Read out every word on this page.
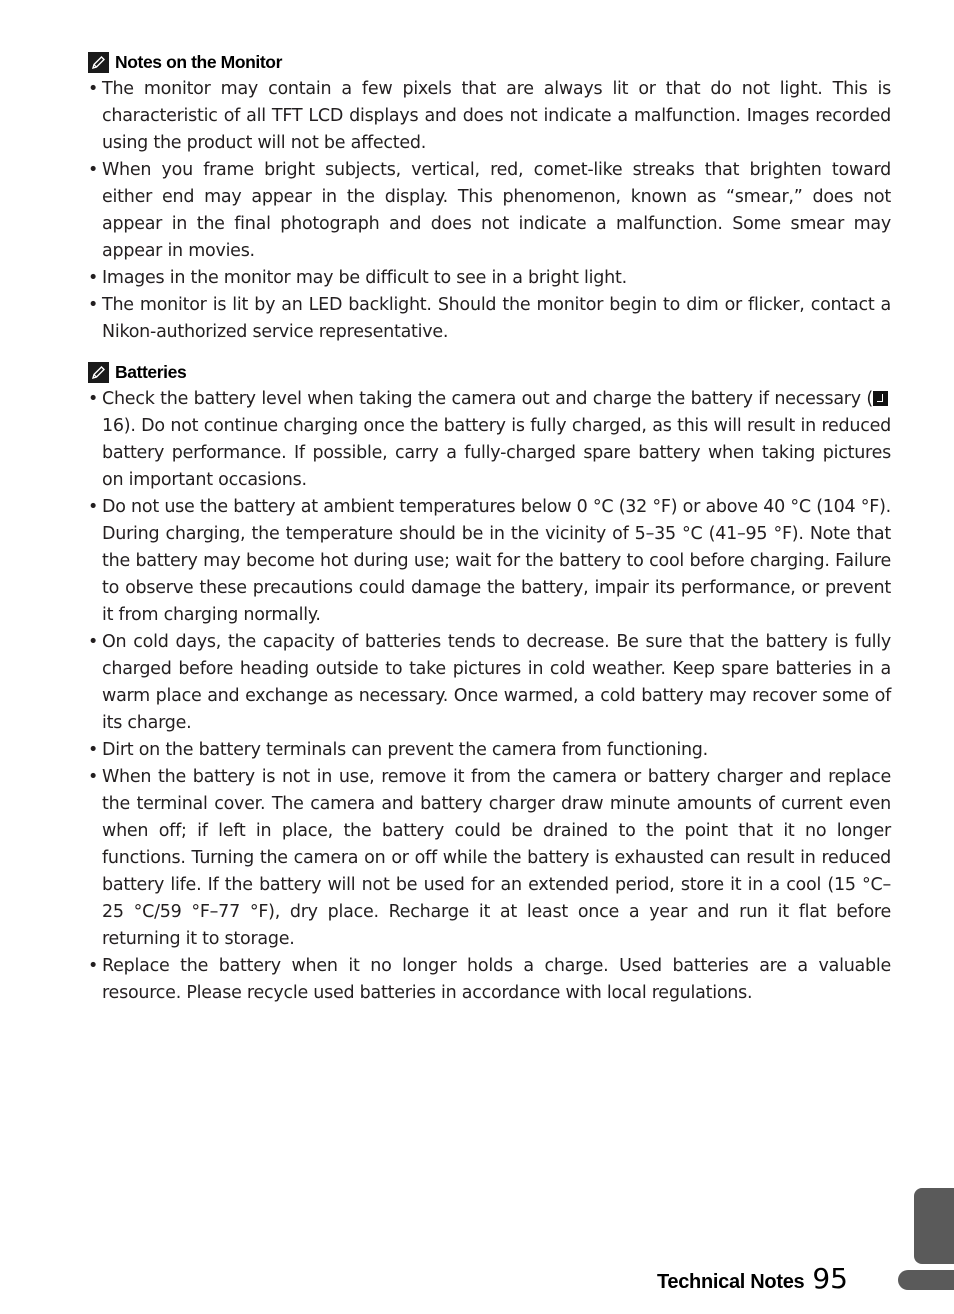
Notes on the Monitor
• The monitor may contain a few pixels that are always lit or that do not light. This is characteristic of all TFT LCD displays and does not indicate a malfunction. Images recorded using the product will not be affected.
• When you frame bright subjects, vertical, red, comet-like streaks that brighten toward either end may appear in the display. This phenomenon, known as “smear,” does not appear in the final photograph and does not indicate a malfunction. Some smear may appear in movies.
• Images in the monitor may be difficult to see in a bright light.
• The monitor is lit by an LED backlight. Should the monitor begin to dim or flicker, contact a Nikon-authorized service representative.
Batteries
• Check the battery level when taking the camera out and charge the battery if necessary ( 16). Do not continue charging once the battery is fully charged, as this will result in reduced battery performance. If possible, carry a fully-charged spare battery when taking pictures on important occasions.
• Do not use the battery at ambient temperatures below 0 °C (32 °F) or above 40 °C (104 °F). During charging, the temperature should be in the vicinity of 5–35 °C (41–95 °F). Note that the battery may become hot during use; wait for the battery to cool before charging. Failure to observe these precautions could damage the battery, impair its performance, or prevent it from charging normally.
• On cold days, the capacity of batteries tends to decrease. Be sure that the battery is fully charged before heading outside to take pictures in cold weather. Keep spare batteries in a warm place and exchange as necessary. Once warmed, a cold battery may recover some of its charge.
• Dirt on the battery terminals can prevent the camera from functioning.
• When the battery is not in use, remove it from the camera or battery charger and replace the terminal cover. The camera and battery charger draw minute amounts of current even when off; if left in place, the battery could be drained to the point that it no longer functions. Turning the camera on or off while the battery is exhausted can result in reduced battery life. If the battery will not be used for an extended period, store it in a cool (15 °C–25 °C/59 °F–77 °F), dry place. Recharge it at least once a year and run it flat before returning it to storage.
• Replace the battery when it no longer holds a charge. Used batteries are a valuable resource. Please recycle used batteries in accordance with local regulations.
Technical Notes 95
